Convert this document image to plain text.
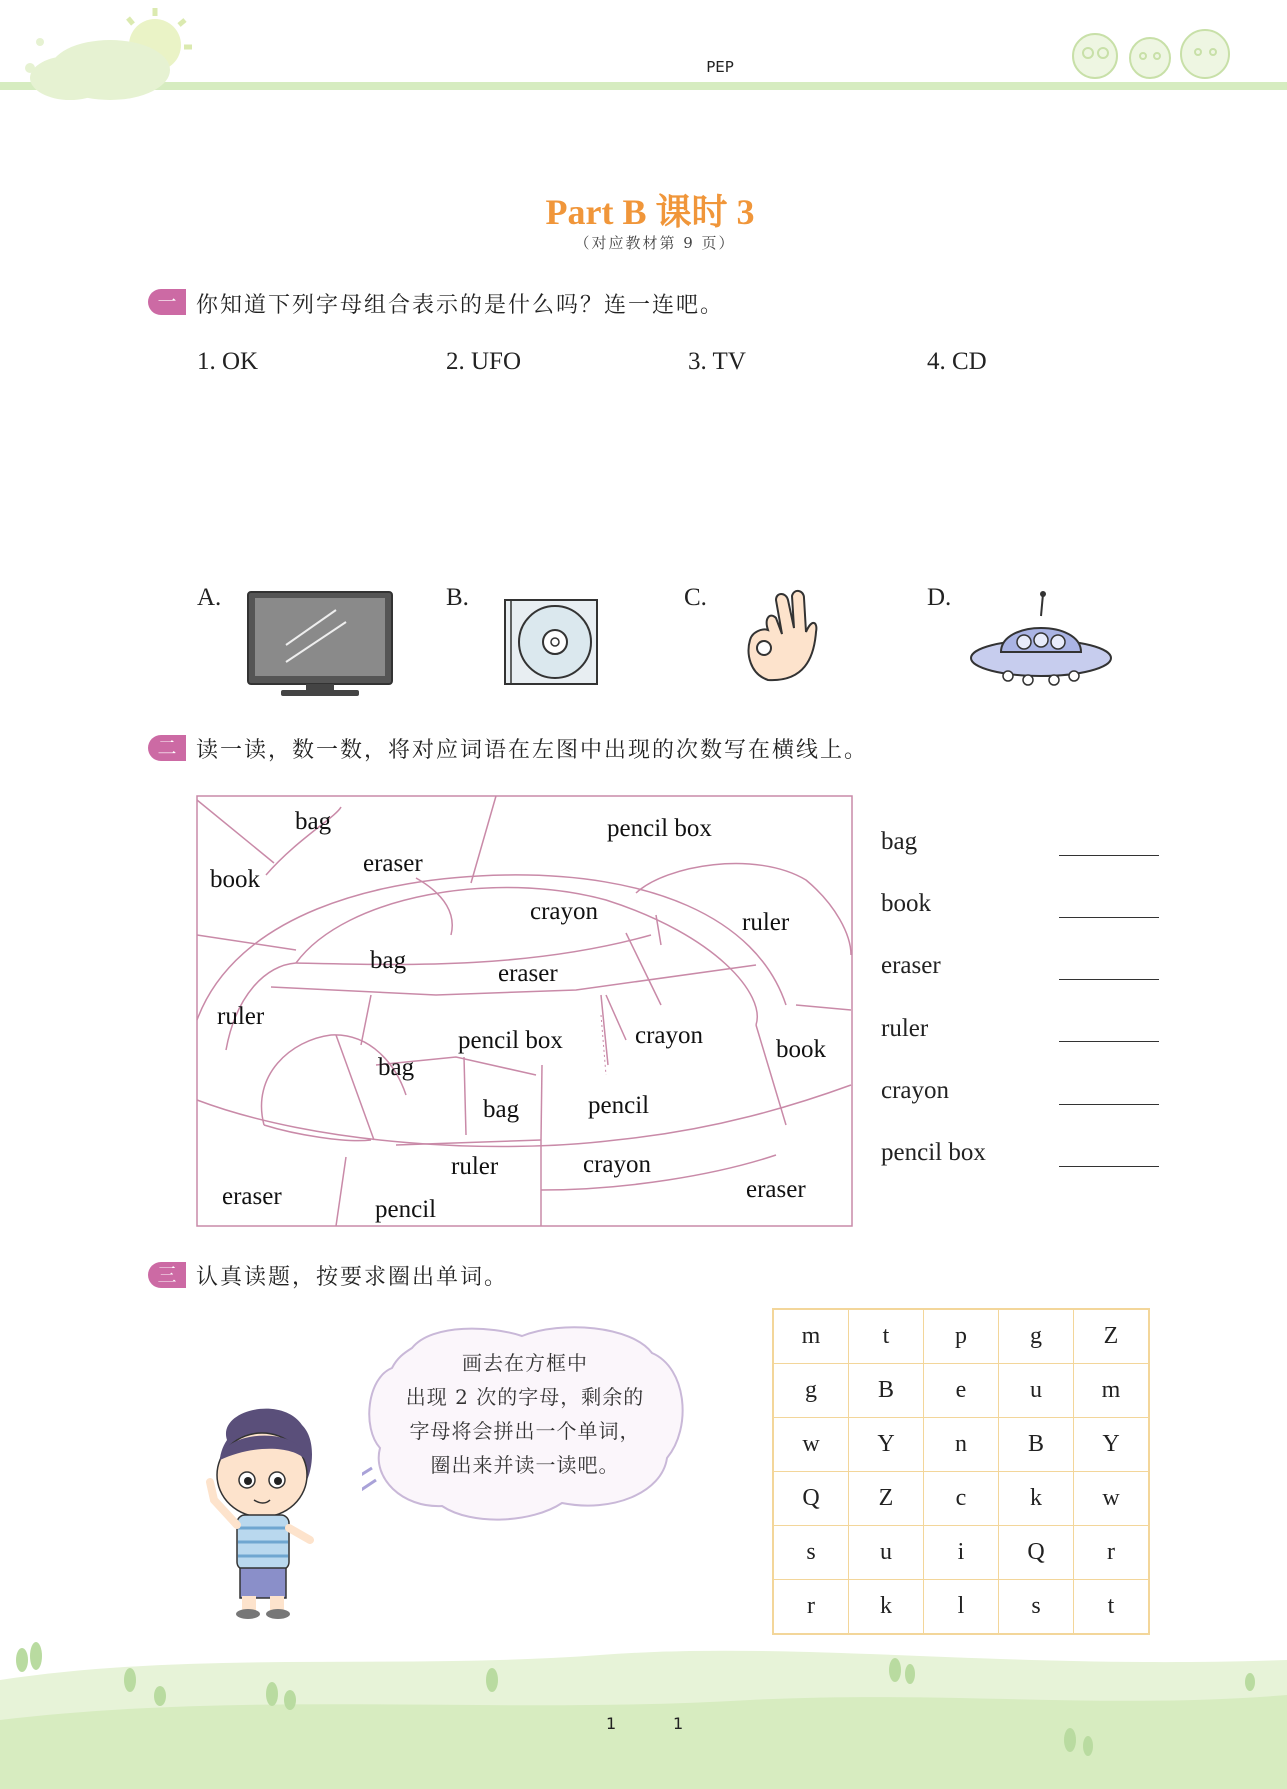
PEP
Part B 课时 3
（对应教材第 9 页）
一 你知道下列字母组合表示的是什么吗？连一连吧。
1. OK	2. UFO	3. TV	4. CD
A.	B.	C.	D.
二 读一读，数一数，将对应词语在左图中出现的次数写在横线上。
bag	pencil box
book
eraser
crayon	ruler
bag	eraser
ruler
pencil box	crayon
book
bag
bag	pencil
ruler	crayon
eraser	eraser
pencil
bag
book
eraser
ruler
crayon
pencil box
三 认真读题，按要求圈出单词。
画去在方框中
出现 2 次的字母，剩余的
字母将会拼出一个单词，
圈出来并读一读吧。
m	t	p	g	Z
g	B	e	u	m
w	Y	n	B	Y
Q	Z	c	k	w
s	u	i	Q	r
r	k	l	s	t
1	1
